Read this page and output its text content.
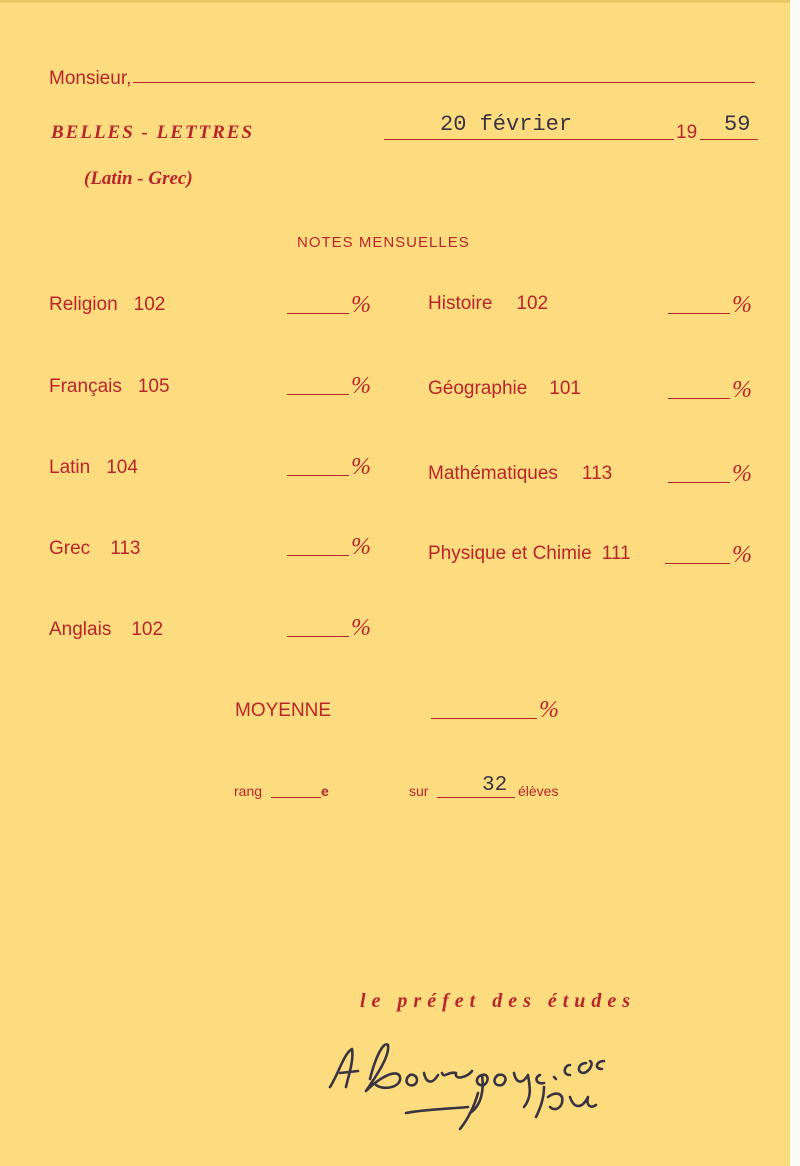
Monsieur,
BELLES - LETTRES
(Latin - Grec)
20 février	19 59
NOTES MENSUELLES
Religion 102	%
Français 105	%
Latin 104	%
Grec 113	%
Anglais 102	%
Histoire 102	%
Géographie 101	%
Mathématiques 113	%
Physique et Chimie 111	%
MOYENNE	%
rang	e	sur	32 élèves
le préfet des études
